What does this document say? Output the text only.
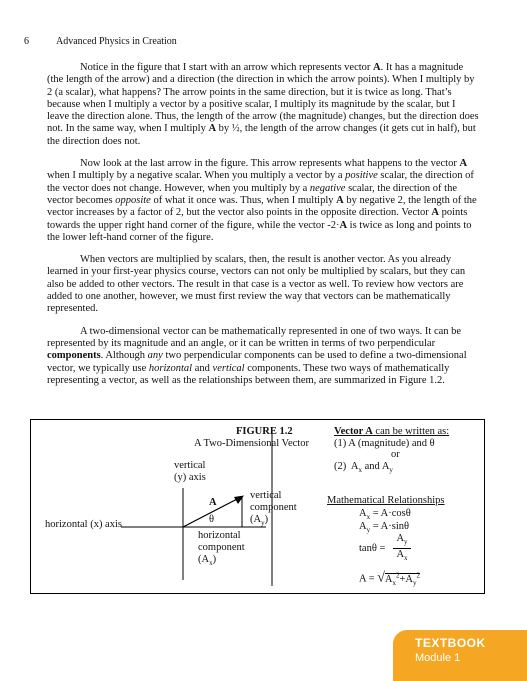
6	Advanced Physics in Creation

Notice in the figure that I start with an arrow which represents vector A. It has a magnitude (the length of the arrow) and a direction (the direction in which the arrow points). When I multiply by 2 (a scalar), what happens? The arrow points in the same direction, but it is twice as long. That’s because when I multiply a vector by a positive scalar, I multiply its magnitude by the scalar, but I leave the direction alone. Thus, the length of the arrow (the magnitude) changes, but the direction does not. In the same way, when I multiply A by ½, the length of the arrow changes (it gets cut in half), but the direction does not.

Now look at the last arrow in the figure. This arrow represents what happens to the vector A when I multiply by a negative scalar. When you multiply a vector by a positive scalar, the direction of the vector does not change. However, when you multiply by a negative scalar, the direction of the vector becomes opposite of what it once was. Thus, when I multiply A by negative 2, the length of the vector increases by a factor of 2, but the vector also points in the opposite direction. Vector A points towards the upper right hand corner of the figure, while the vector -2·A is twice as long and points to the lower left-hand corner of the figure.

When vectors are multiplied by scalars, then, the result is another vector. As you already learned in your first-year physics course, vectors can not only be multiplied by scalars, but they can also be added to other vectors. The result in that case is a vector as well. To review how vectors are added to one another, however, we must first review the way that vectors can be mathematically represented.

A two-dimensional vector can be mathematically represented in one of two ways. It can be represented by its magnitude and an angle, or it can be written in terms of two perpendicular components. Although any two perpendicular components can be used to define a two-dimensional vector, we typically use horizontal and vertical components. These two ways of mathematically representing a vector, as well as the relationships between them, are summarized in Figure 1.2.

FIGURE 1.2
A Two-Dimensional Vector
vertical
(y) axis
horizontal (x) axis
A
θ
vertical
component
$(A_y)$
horizontal
component
$(A_x)$
Vector A can be written as:
(1) A (magnitude) and θ
or
(2)  $A_x$ and $A_y$
Mathematical Relationships
$A_x = A\cdot\cos\theta$
$A_y = A\cdot\sin\theta$
tanθ =
$A_y$
$A_x$
$A = √A_x^2+A_y^2$
TEXTBOOK
Module 1
